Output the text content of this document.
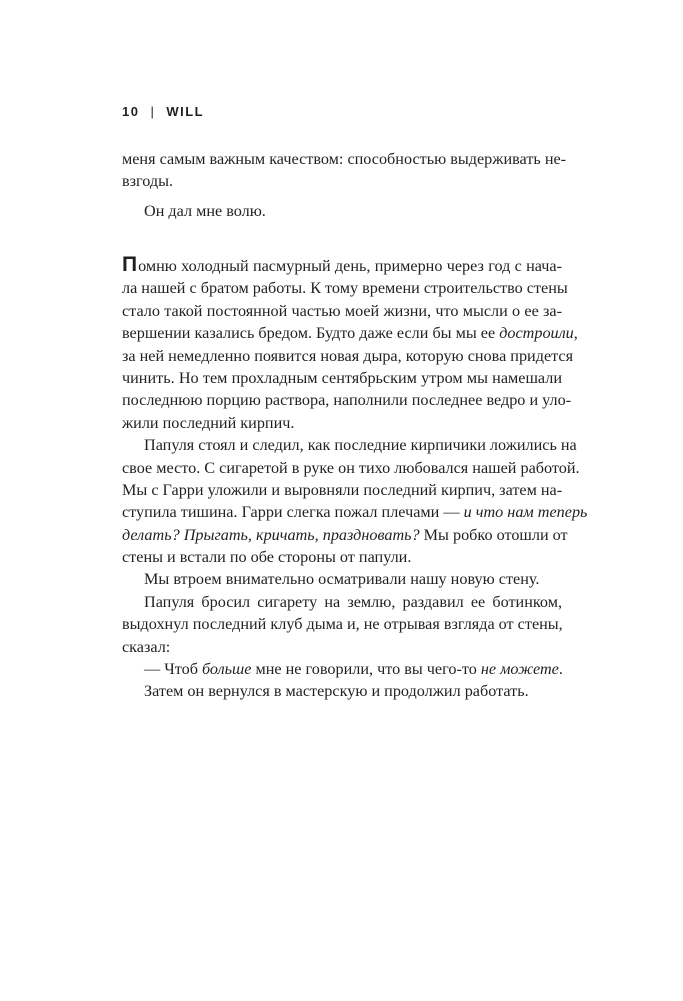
10 | WILL
меня самым важным качеством: способностью выдерживать не-
взгоды.
Он дал мне волю.
Помню холодный пасмурный день, примерно через год с нача-
ла нашей с братом работы. К тому времени строительство стены
стало такой постоянной частью моей жизни, что мысли о ее за-
вершении казались бредом. Будто даже если бы мы ее достроили,
за ней немедленно появится новая дыра, которую снова придется
чинить. Но тем прохладным сентябрьским утром мы намешали
последнюю порцию раствора, наполнили последнее ведро и уло-
жили последний кирпич.
Папуля стоял и следил, как последние кирпичики ложились на
свое место. С сигаретой в руке он тихо любовался нашей работой.
Мы с Гарри уложили и выровняли последний кирпич, затем на-
ступила тишина. Гарри слегка пожал плечами — и что нам теперь
делать? Прыгать, кричать, праздновать? Мы робко отошли от
стены и встали по обе стороны от папули.
Мы втроем внимательно осматривали нашу новую стену.
Папуля бросил сигарету на землю, раздавил ее ботинком,
выдохнул последний клуб дыма и, не отрывая взгляда от стены,
сказал:
— Чтоб больше мне не говорили, что вы чего-то не можете.
Затем он вернулся в мастерскую и продолжил работать.
